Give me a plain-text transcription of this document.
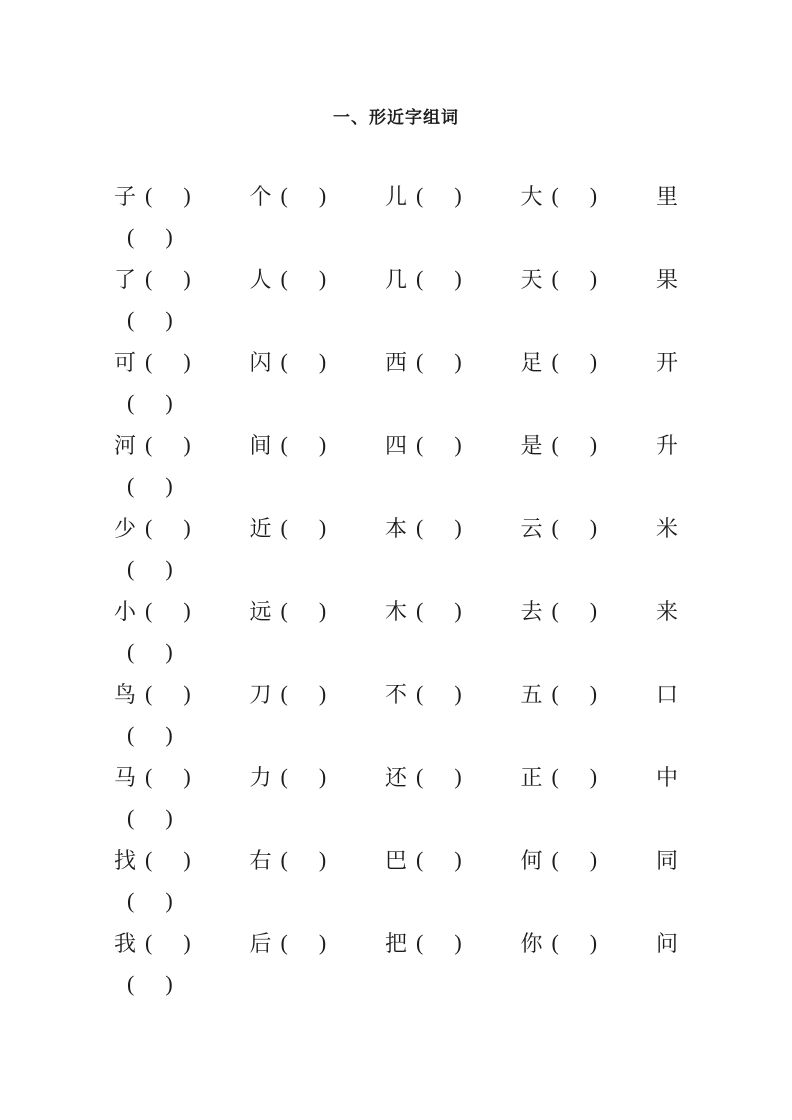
一、形近字组词
子 ( )	个 ( )	儿 ( )	大 ( )	里
( )
了 ( )	人 ( )	几 ( )	天 ( )	果
( )
可 ( )	闪 ( )	西 ( )	足 ( )	开
( )
河 ( )	间 ( )	四 ( )	是 ( )	升
( )
少 ( )	近 ( )	本 ( )	云 ( )	米
( )
小 ( )	远 ( )	木 ( )	去 ( )	来
( )
鸟 ( )	刀 ( )	不 ( )	五 ( )	口
( )
马 ( )	力 ( )	还 ( )	正 ( )	中
( )
找 ( )	右 ( )	巴 ( )	何 ( )	同
( )
我 ( )	后 ( )	把 ( )	你 ( )	问
( )
